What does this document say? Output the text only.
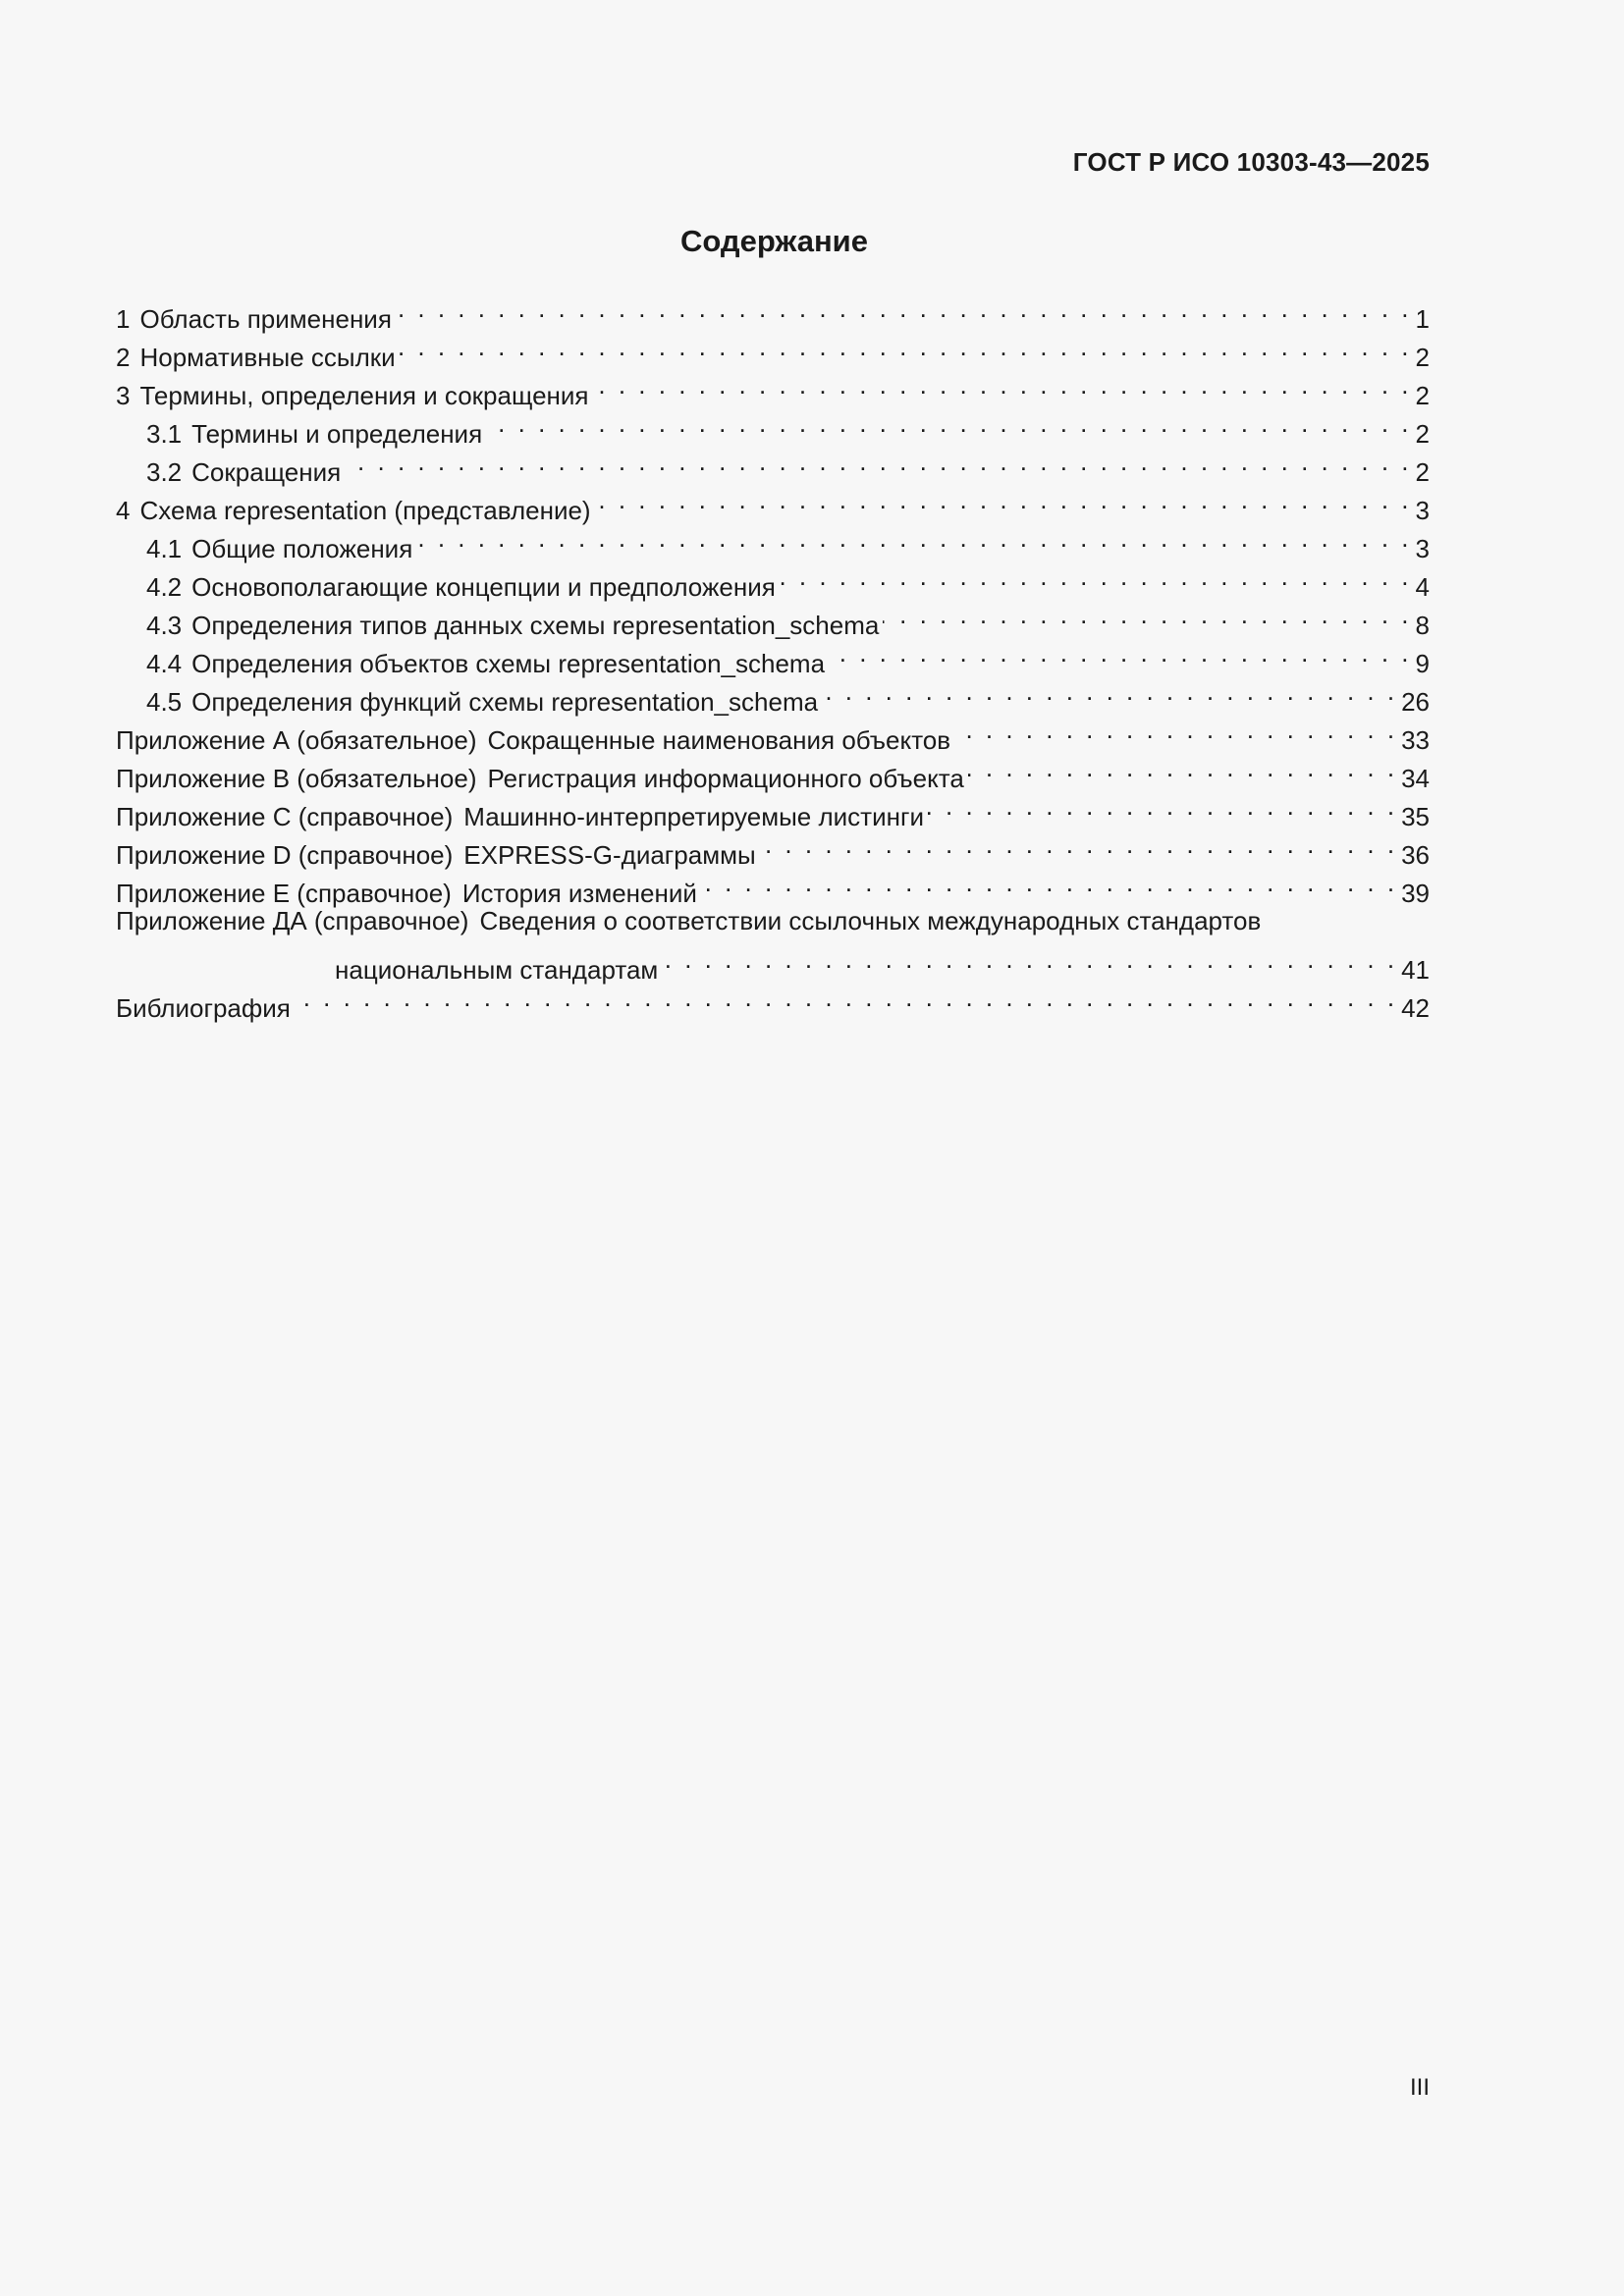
ГОСТ Р ИСО 10303-43—2025
Содержание
1 Область применения . . .	1
2 Нормативные ссылки . . .	2
3 Термины, определения и сокращения . . .	2
3.1 Термины и определения . . .	2
3.2 Сокращения . . .	2
4 Схема representation (представление) . . .	3
4.1 Общие положения . . .	3
4.2 Основополагающие концепции и предположения . . .	4
4.3 Определения типов данных схемы representation_schema . . .	8
4.4 Определения объектов схемы representation_schema . . .	9
4.5 Определения функций схемы representation_schema . . .	26
Приложение А (обязательное) Сокращенные наименования объектов . . .	33
Приложение В (обязательное) Регистрация информационного объекта . . .	34
Приложение С (справочное) Машинно-интерпретируемые листинги . . .	35
Приложение D (справочное) EXPRESS-G-диаграммы . . .	36
Приложение Е (справочное) История изменений . . .	39
Приложение ДА (справочное) Сведения о соответствии ссылочных международных стандартов
национальным стандартам . . .	41
Библиография . . .	42
III
